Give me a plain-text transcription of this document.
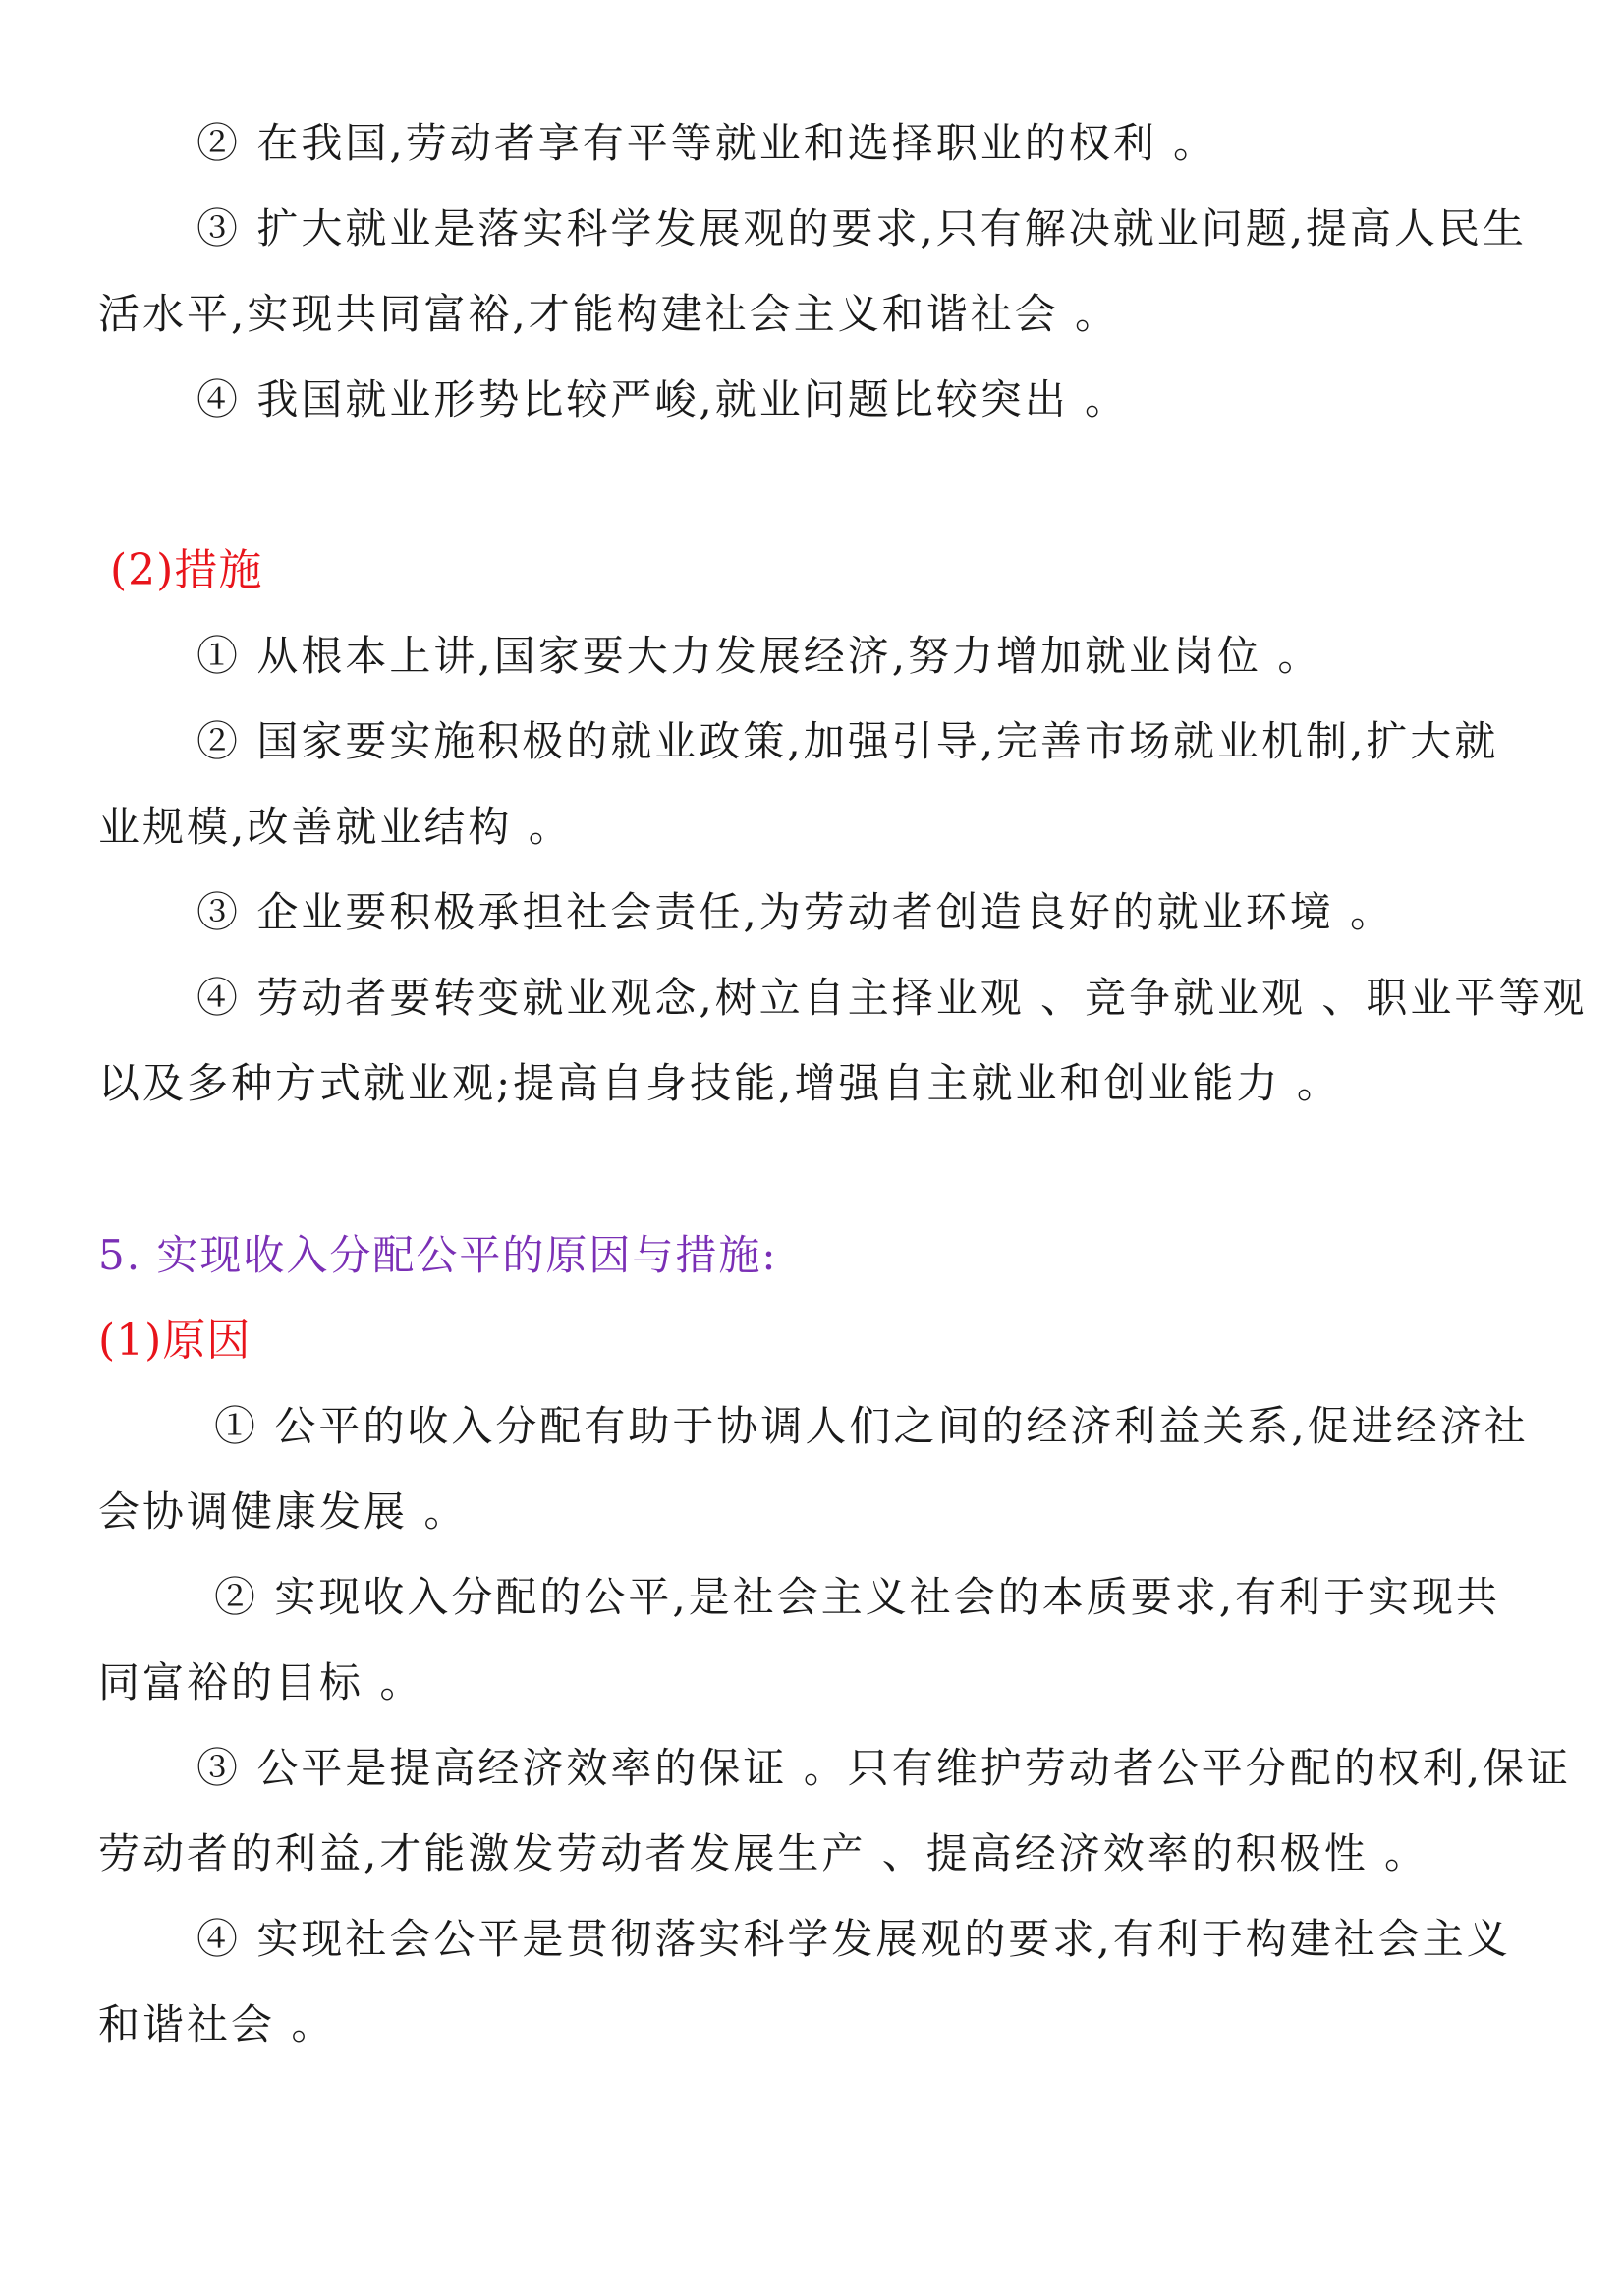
② 在我国,劳动者享有平等就业和选择职业的权利 。
③ 扩大就业是落实科学发展观的要求,只有解决就业问题,提高人民生
活水平,实现共同富裕,才能构建社会主义和谐社会 。
④ 我国就业形势比较严峻,就业问题比较突出 。
(2)措施
① 从根本上讲,国家要大力发展经济,努力增加就业岗位 。
② 国家要实施积极的就业政策,加强引导,完善市场就业机制,扩大就
业规模,改善就业结构 。
③ 企业要积极承担社会责任,为劳动者创造良好的就业环境 。
④ 劳动者要转变就业观念,树立自主择业观 、竞争就业观 、职业平等观
以及多种方式就业观;提高自身技能,增强自主就业和创业能力 。
5. 实现收入分配公平的原因与措施:
(1)原因
① 公平的收入分配有助于协调人们之间的经济利益关系,促进经济社
会协调健康发展 。
② 实现收入分配的公平,是社会主义社会的本质要求,有利于实现共
同富裕的目标 。
③ 公平是提高经济效率的保证 。只有维护劳动者公平分配的权利,保证
劳动者的利益,才能激发劳动者发展生产 、提高经济效率的积极性 。
④ 实现社会公平是贯彻落实科学发展观的要求,有利于构建社会主义
和谐社会 。
